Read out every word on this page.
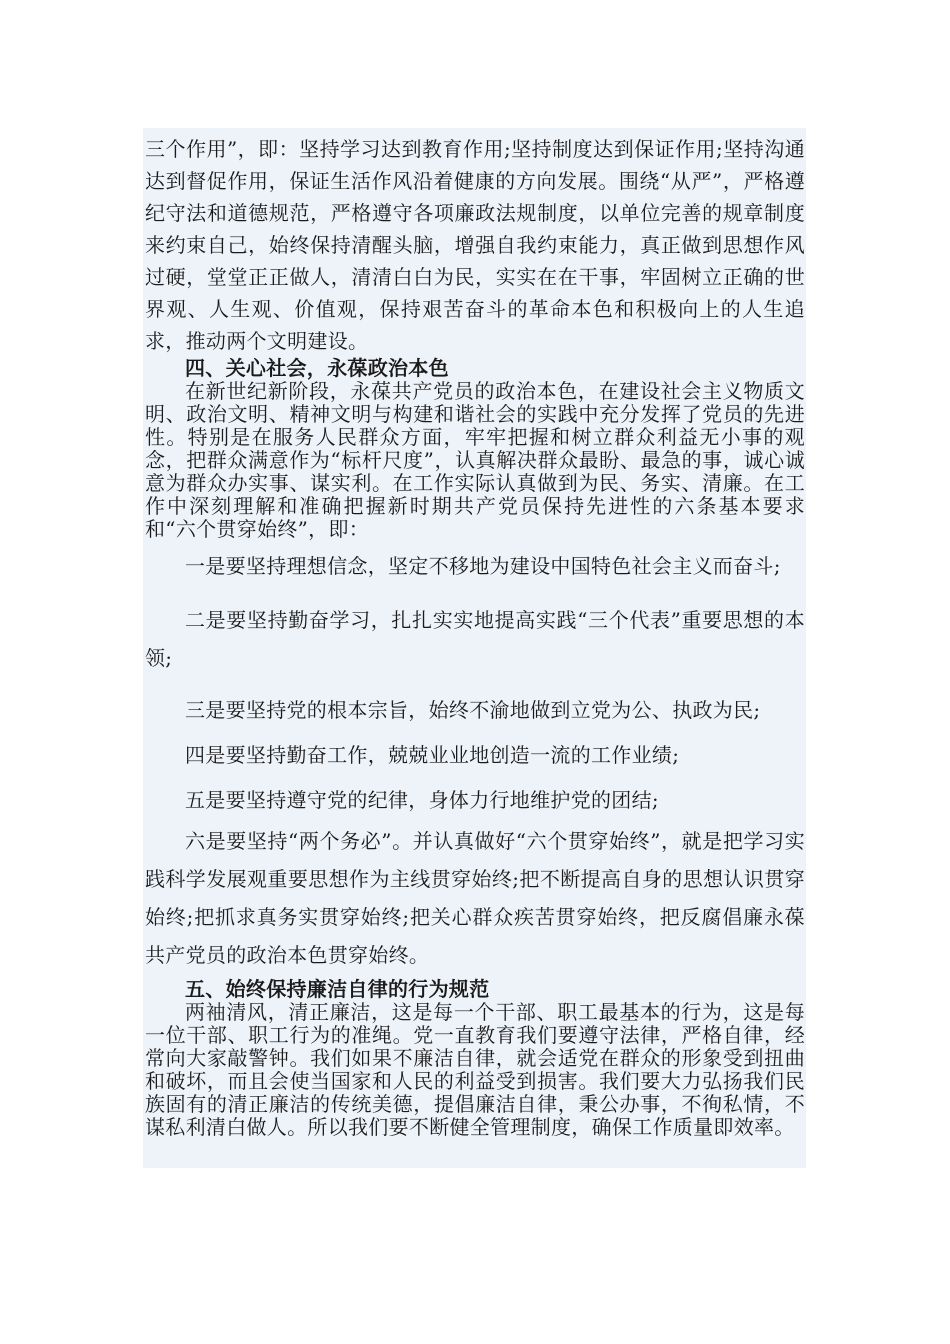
三个作用”，即：坚持学习达到教育作用;坚持制度达到保证作用;坚持沟通达到督促作用，保证生活作风沿着健康的方向发展。围绕“从严”，严格遵纪守法和道德规范，严格遵守各项廉政法规制度，以单位完善的规章制度来约束自己，始终保持清醒头脑，增强自我约束能力，真正做到思想作风过硬，堂堂正正做人，清清白白为民，实实在在干事，牢固树立正确的世界观、人生观、价值观，保持艰苦奋斗的革命本色和积极向上的人生追求，推动两个文明建设。

四、关心社会，永葆政治本色

在新世纪新阶段，永葆共产党员的政治本色，在建设社会主义物质文明、政治文明、精神文明与构建和谐社会的实践中充分发挥了党员的先进性。特别是在服务人民群众方面，牢牢把握和树立群众利益无小事的观念，把群众满意作为“标杆尺度”，认真解决群众最盼、最急的事，诚心诚意为群众办实事、谋实利。在工作实际认真做到为民、务实、清廉。在工作中深刻理解和准确把握新时期共产党员保持先进性的六条基本要求和“六个贯穿始终”，即：

一是要坚持理想信念，坚定不移地为建设中国特色社会主义而奋斗;

二是要坚持勤奋学习，扎扎实实地提高实践“三个代表”重要思想的本领;

三是要坚持党的根本宗旨，始终不渝地做到立党为公、执政为民;

四是要坚持勤奋工作，兢兢业业地创造一流的工作业绩;

五是要坚持遵守党的纪律，身体力行地维护党的团结;

六是要坚持“两个务必”。并认真做好“六个贯穿始终”，就是把学习实践科学发展观重要思想作为主线贯穿始终;把不断提高自身的思想认识贯穿始终;把抓求真务实贯穿始终;把关心群众疾苦贯穿始终，把反腐倡廉永葆共产党员的政治本色贯穿始终。

五、始终保持廉洁自律的行为规范

两袖清风，清正廉洁，这是每一个干部、职工最基本的行为，这是每一位干部、职工行为的准绳。党一直教育我们要遵守法律，严格自律，经常向大家敲警钟。我们如果不廉洁自律，就会适党在群众的形象受到扭曲和破坏，而且会使当国家和人民的利益受到损害。我们要大力弘扬我们民族固有的清正廉洁的传统美德，提倡廉洁自律，秉公办事，不徇私情，不谋私利清白做人。所以我们要不断健全管理制度，确保工作质量即效率。
